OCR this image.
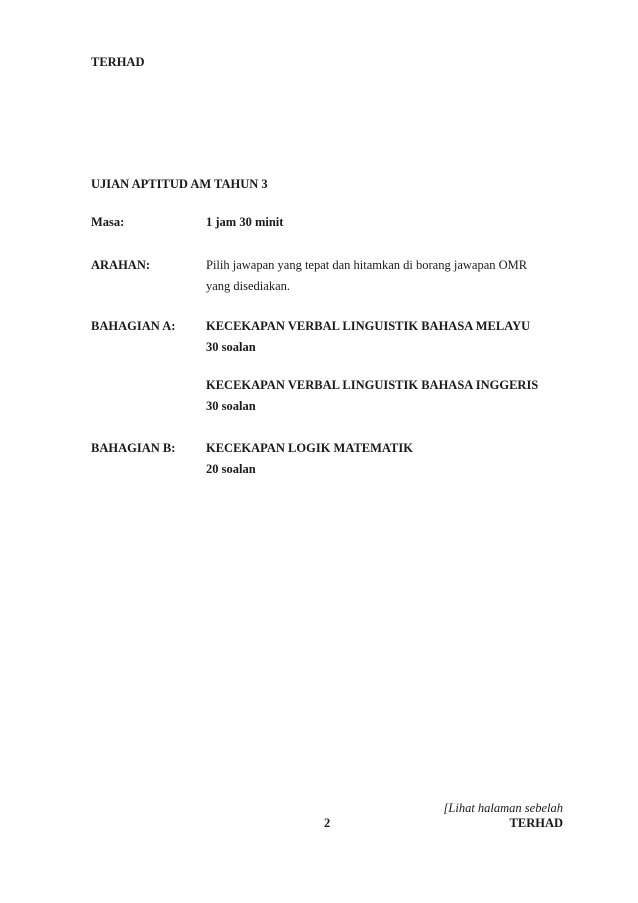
TERHAD
UJIAN APTITUD AM TAHUN 3
Masa:	1 jam 30 minit
ARAHAN:	Pilih jawapan yang tepat dan hitamkan di borang jawapan OMR
yang disediakan.
BAHAGIAN A: KECEKAPAN VERBAL LINGUISTIK BAHASA MELAYU
30 soalan
KECEKAPAN VERBAL LINGUISTIK BAHASA INGGERIS
30 soalan
BAHAGIAN B: KECEKAPAN LOGIK MATEMATIK
20 soalan
[Lihat halaman sebelah
2	TERHAD
